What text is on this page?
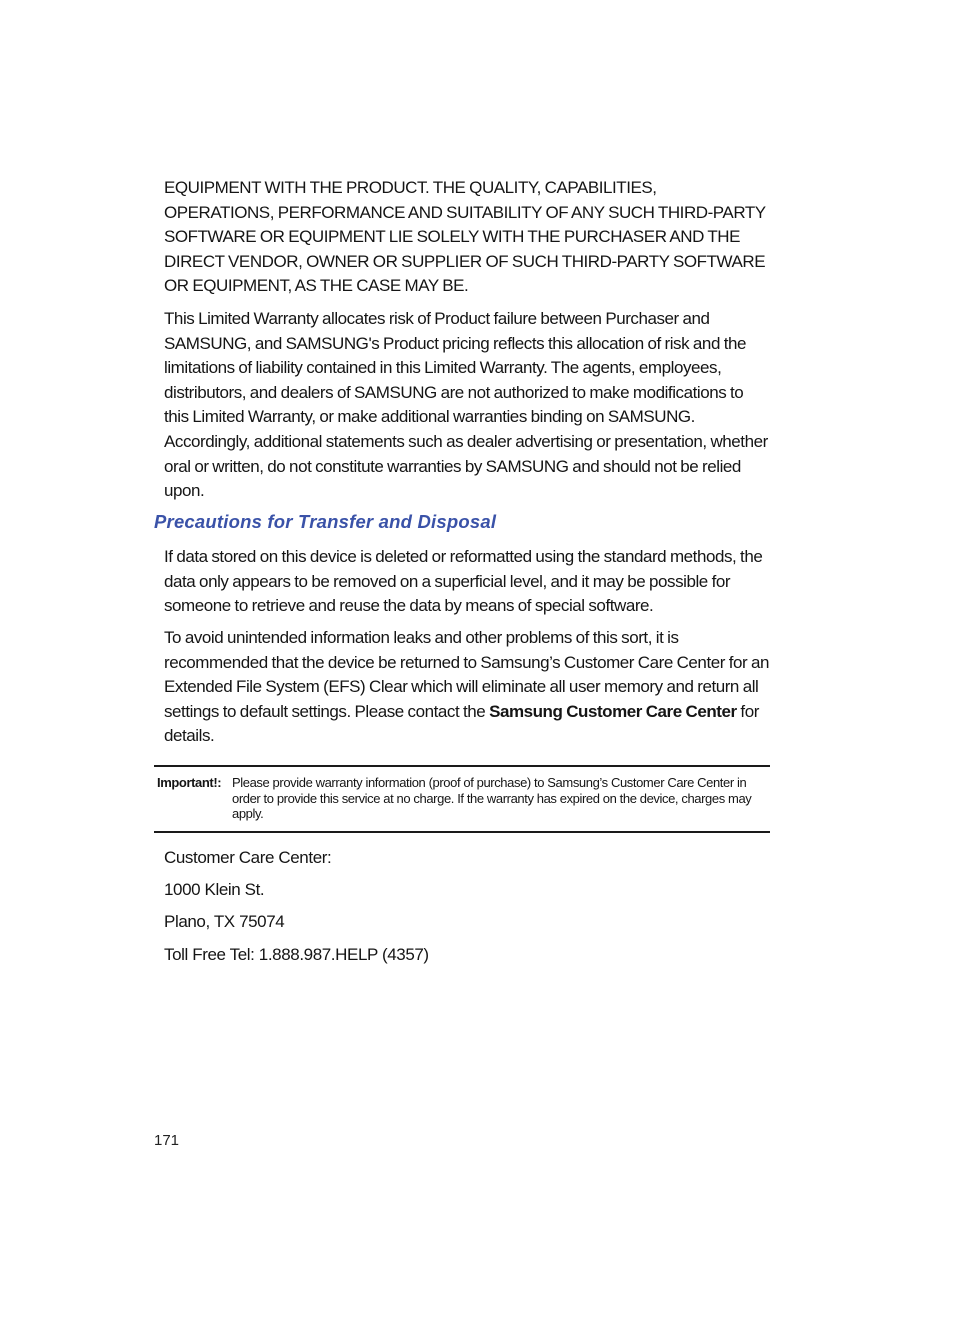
EQUIPMENT WITH THE PRODUCT. THE QUALITY, CAPABILITIES, OPERATIONS, PERFORMANCE AND SUITABILITY OF ANY SUCH THIRD-PARTY SOFTWARE OR EQUIPMENT LIE SOLELY WITH THE PURCHASER AND THE DIRECT VENDOR, OWNER OR SUPPLIER OF SUCH THIRD-PARTY SOFTWARE OR EQUIPMENT, AS THE CASE MAY BE.

This Limited Warranty allocates risk of Product failure between Purchaser and SAMSUNG, and SAMSUNG's Product pricing reflects this allocation of risk and the limitations of liability contained in this Limited Warranty. The agents, employees, distributors, and dealers of SAMSUNG are not authorized to make modifications to this Limited Warranty, or make additional warranties binding on SAMSUNG. Accordingly, additional statements such as dealer advertising or presentation, whether oral or written, do not constitute warranties by SAMSUNG and should not be relied upon.

Precautions for Transfer and Disposal

If data stored on this device is deleted or reformatted using the standard methods, the data only appears to be removed on a superficial level, and it may be possible for someone to retrieve and reuse the data by means of special software.

To avoid unintended information leaks and other problems of this sort, it is recommended that the device be returned to Samsung’s Customer Care Center for an Extended File System (EFS) Clear which will eliminate all user memory and return all settings to default settings. Please contact the Samsung Customer Care Center for details.

Important!: Please provide warranty information (proof of purchase) to Samsung’s Customer Care Center in order to provide this service at no charge. If the warranty has expired on the device, charges may apply.

Customer Care Center:

1000 Klein St.

Plano, TX 75074

Toll Free Tel: 1.888.987.HELP (4357)

171
